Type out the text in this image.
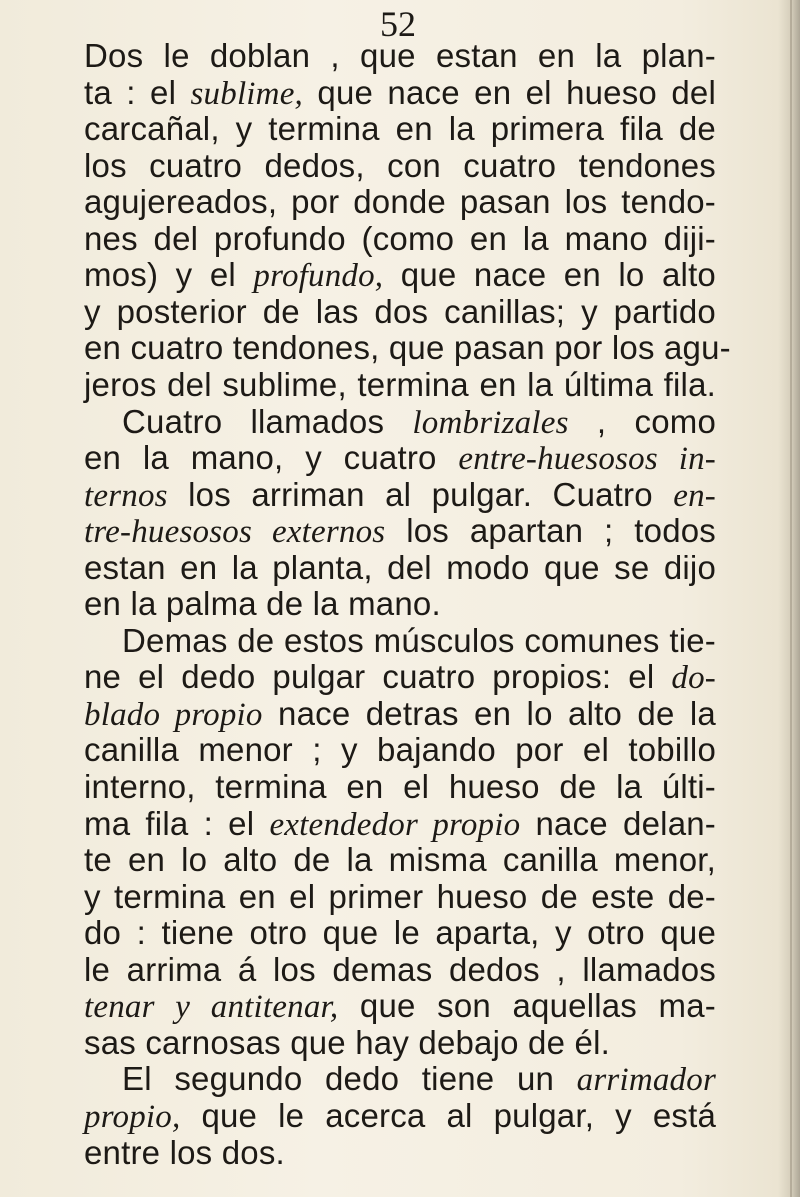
52
Dos le doblan , que estan en la plan-
ta : el sublime, que nace en el hueso del
carcañal, y termina en la primera fila de
los cuatro dedos, con cuatro tendones
agujereados, por donde pasan los tendo-
nes del profundo (como en la mano diji-
mos) y el profundo, que nace en lo alto
y posterior de las dos canillas; y partido
en cuatro tendones, que pasan por los agu-
jeros del sublime, termina en la última fila.
Cuatro llamados lombrizales , como
en la mano, y cuatro entre-huesosos in-
ternos los arriman al pulgar. Cuatro en-
tre-huesosos externos los apartan ; todos
estan en la planta, del modo que se dijo
en la palma de la mano.
Demas de estos músculos comunes tie-
ne el dedo pulgar cuatro propios: el do-
blado propio nace detras en lo alto de la
canilla menor ; y bajando por el tobillo
interno, termina en el hueso de la últi-
ma fila : el extendedor propio nace delan-
te en lo alto de la misma canilla menor,
y termina en el primer hueso de este de-
do : tiene otro que le aparta, y otro que
le arrima á los demas dedos , llamados
tenar y antitenar, que son aquellas ma-
sas carnosas que hay debajo de él.
El segundo dedo tiene un arrimador
propio, que le acerca al pulgar, y está
entre los dos.
